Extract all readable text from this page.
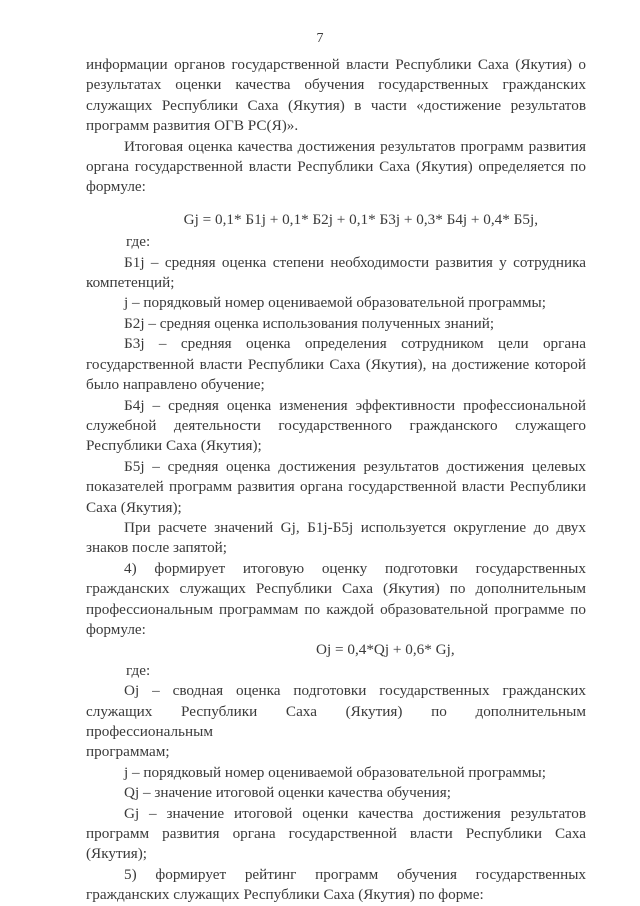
7

информации органов государственной власти Республики Саха (Якутия) о

результатах оценки качества обучения государственных гражданских

служащих Республики Саха (Якутия) в части «достижение результатов

программ развития ОГВ РС(Я)».

Итоговая оценка качества достижения результатов программ развития

органа государственной власти Республики Саха (Якутия) определяется по

формуле:

Gj = 0,1* Б1j + 0,1* Б2j + 0,1* Б3j + 0,3* Б4j + 0,4* Б5j,

где:

Б1j – средняя оценка степени необходимости развития у сотрудника

компетенций;

j – порядковый номер оцениваемой образовательной программы;

Б2j – средняя оценка использования полученных знаний;

Б3j – средняя оценка определения сотрудником цели органа

государственной власти Республики Саха (Якутия), на достижение которой

было направлено обучение;

Б4j – средняя оценка изменения эффективности профессиональной

служебной деятельности государственного гражданского служащего

Республики Саха (Якутия);

Б5j – средняя оценка достижения результатов достижения целевых

показателей программ развития органа государственной власти Республики

Саха (Якутия);

При расчете значений Gj, Б1j-Б5j используется округление до двух

знаков после запятой;

4) формирует итоговую оценку подготовки государственных

гражданских служащих Республики Саха (Якутия) по дополнительным

профессиональным программам по каждой образовательной программе по

формуле:

Oj = 0,4*Qj + 0,6* Gj,

где:

Oj – сводная оценка подготовки государственных гражданских

служащих Республики Саха (Якутия) по дополнительным профессиональным

программам;

j – порядковый номер оцениваемой образовательной программы;

Qj – значение итоговой оценки качества обучения;

Gj – значение итоговой оценки качества достижения результатов

программ развития органа государственной власти Республики Саха (Якутия);

5) формирует рейтинг программ обучения государственных

гражданских служащих Республики Саха (Якутия) по форме:
